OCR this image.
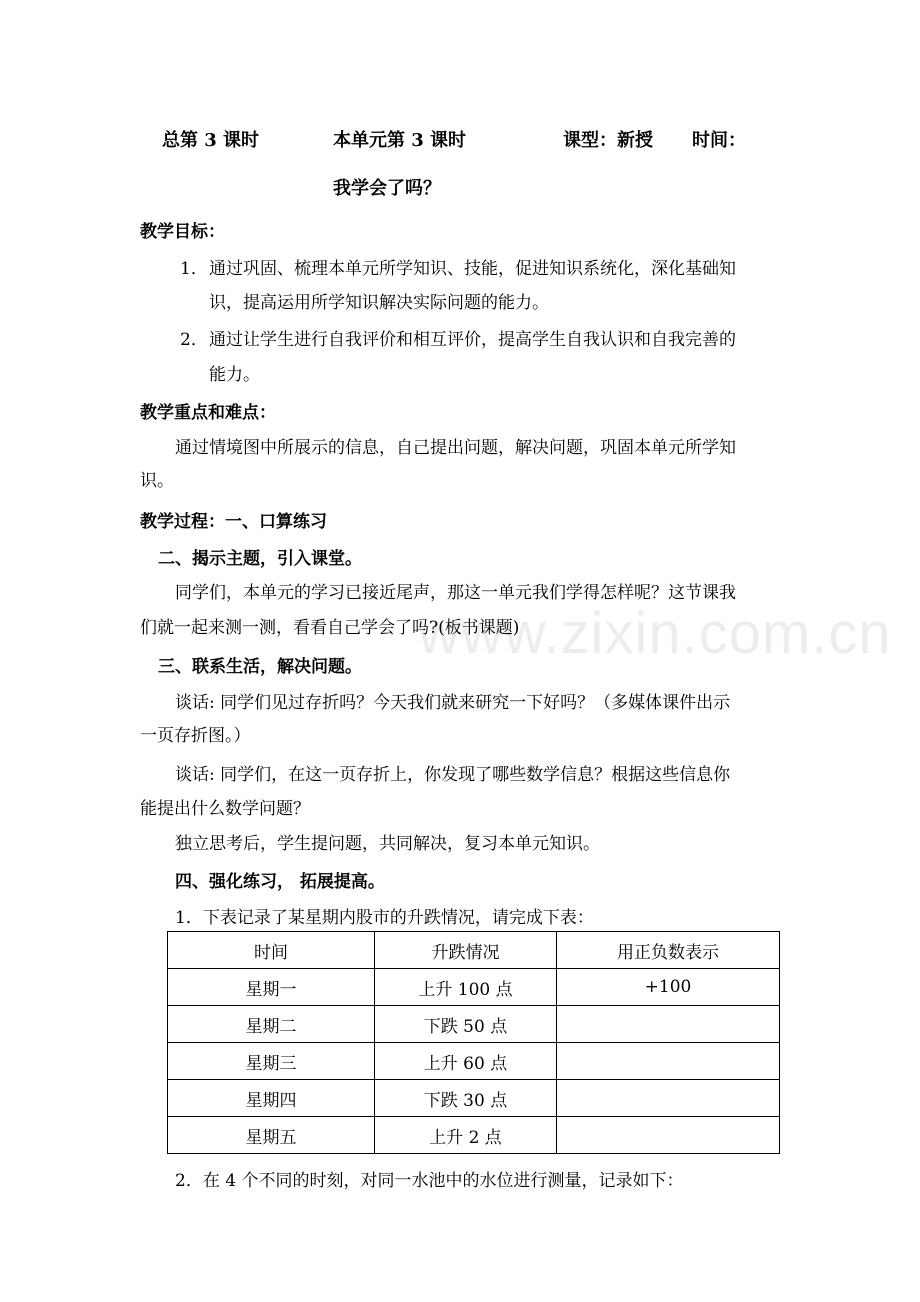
www.zixin.com.cn
总第 3 课时	本单元第 3 课时	课型：新授 时间：
我学会了吗？
教学目标：
1． 通过巩固、梳理本单元所学知识、技能，促进知识系统化，深化基础知
识，提高运用所学知识解决实际问题的能力。
2． 通过让学生进行自我评价和相互评价，提高学生自我认识和自我完善的
能力。
教学重点和难点：
通过情境图中所展示的信息，自己提出问题，解决问题，巩固本单元所学知
识。
教学过程：一、口算练习
二、揭示主题，引入课堂。
同学们，本单元的学习已接近尾声，那这一单元我们学得怎样呢？这节课我
们就一起来测一测，看看自己学会了吗?(板书课题)
三、联系生活，解决问题。
谈话: 同学们见过存折吗？今天我们就来研究一下好吗？（多媒体课件出示
一页存折图。）
谈话: 同学们，在这一页存折上，你发现了哪些数学信息？根据这些信息你
能提出什么数学问题？
独立思考后，学生提问题，共同解决，复习本单元知识。
四、强化练习， 拓展提高。
1．下表记录了某星期内股市的升跌情况，请完成下表：
时间	升跌情况	用正负数表示
星期一	上升 100 点	+100
星期二	下跌 50 点	
星期三	上升 60 点	
星期四	下跌 30 点	
星期五	上升 2 点	
2．在 4 个不同的时刻，对同一水池中的水位进行测量，记录如下：
